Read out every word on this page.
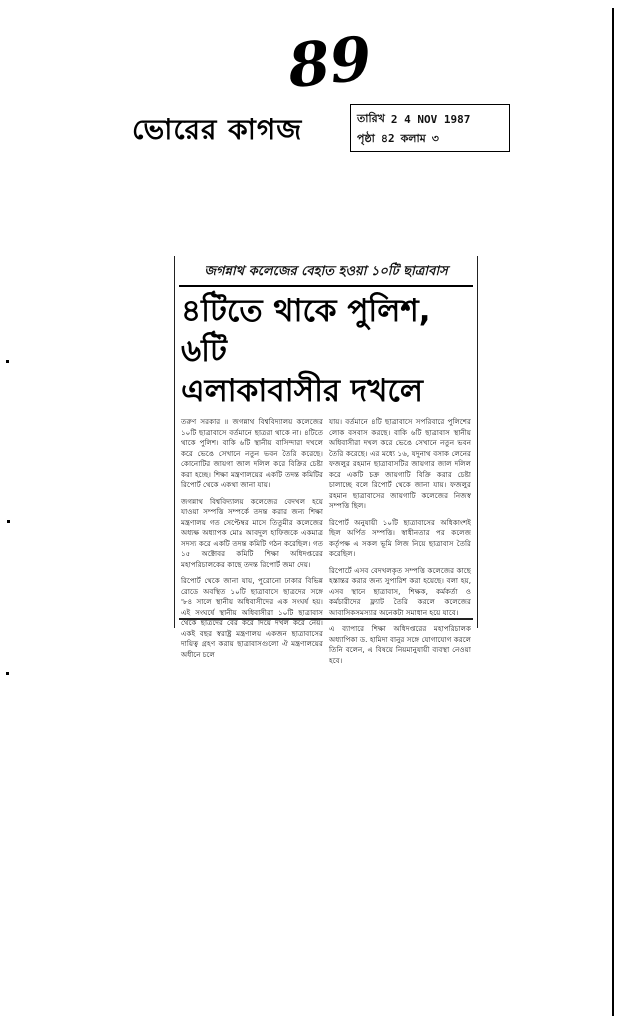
89
ভোরের কাগজ	তারিখ 2 4 NOV 1987
পৃষ্ঠা ৪2 কলাম ৩
জগন্নাথ কলেজের বেহাত হওয়া ১০টি ছাত্রাবাস
৪টিতে থাকে পুলিশ, ৬টি
এলাকাবাসীর দখলে

তরুণ সরকার ॥ জগন্নাথ বিশ্ববিদ্যালয় কলেজের ১০টি ছাত্রাবাসে বর্তমানে ছাত্ররা থাকে না। ৪টিতে থাকে পুলিশ। বাকি ৬টি স্থানীয় বাসিন্দারা দখলে করে ভেঙে সেখানে নতুন ভবন তৈরি করেছে। কোনোটির জায়গা জাল দলিল করে বিক্রির চেষ্টা করা হচ্ছে। শিক্ষা মন্ত্রণালয়ের একটি তদন্ত কমিটির রিপোর্ট থেকে একথা জানা যায়।

জগন্নাথ বিশ্ববিদ্যালয় কলেজের বেদখল হয়ে যাওয়া সম্পত্তি সম্পর্কে তদন্ত করার জন্য শিক্ষা মন্ত্রণালয় গত সেপ্টেম্বর মাসে তিতুমীর কলেজের অধ্যক্ষ অধ্যাপক মোঃ আবদুল হাফিজকে একমাত্র সদস্য করে একটি তদন্ত কমিটি গঠন করেছিল। গত ১৫ অক্টোবর কমিটি শিক্ষা অধিদপ্তরের মহাপরিচালকের কাছে তদন্ত রিপোর্ট জমা দেয়।

রিপোর্ট থেকে জানা যায়, পুরোনো ঢাকার বিভিন্ন রোডে অবস্থিত ১০টি ছাত্রাবাসে ছাত্রদের সঙ্গে '৮৪ সালে স্থানীয় অধিবাসীদের এক সংঘর্ষ হয়। এই সংঘর্ষে স্থানীয় অধিবাসীরা ১০টি ছাত্রাবাস থেকে ছাত্রদের বের করে দিয়ে দখল করে নেয়। একই বছর স্বরাষ্ট্র মন্ত্রণালয় একজন ছাত্রাবাসের দায়িত্ব গ্রহণ করায় ছাত্রাবাসগুলো ঐ মন্ত্রণালয়ের অধীনে চলে

যায়। বর্তমানে ৪টি ছাত্রাবাসে সপরিবারে পুলিশের লোক বসবাস করছে। বাকি ৬টি ছাত্রাবাস স্থানীয় অধিবাসীরা দখল করে ভেঙে সেখানে নতুন ভবন তৈরি করেছে। এর মধ্যে ১৬, যদুনাথ বসাক লেনের ফজলুর রহমান ছাত্রাবাসটির জায়গার জাল দলিল করে একটি চক্র জায়গাটি বিক্রি করার চেষ্টা চালাচ্ছে বলে রিপোর্ট থেকে জানা যায়। ফজলুর রহমান ছাত্রাবাসের জায়গাটি কলেজের নিজস্ব সম্পত্তি ছিল।

রিপোর্ট অনুযায়ী ১০টি ছাত্রাবাসের অধিকাংশই ছিল অর্পিত সম্পত্তি। স্বাধীনতার পর কলেজ কর্তৃপক্ষ এ সকল ভূমি লিজ নিয়ে ছাত্রাবাস তৈরি করেছিল।

রিপোর্টে এসব বেদখলকৃত সম্পত্তি কলেজের কাছে হস্তান্তর করার জন্য সুপারিশ করা হয়েছে। বলা হয়, এসব স্থানে ছাত্রাবাস, শিক্ষক, কর্মকর্তা ও কর্মচারীদের ফ্ল্যাট তৈরি করলে কলেজের আবাসিকসমস্যার অনেকটা সমাধান হয়ে যাবে।

এ ব্যাপারে শিক্ষা অধিদপ্তরের মহাপরিচালক অধ্যাপিকা ড. হামিদা বানুর সঙ্গে যোগাযোগ করলে তিনি বলেন, এ বিষয়ে নিয়মানুযায়ী ব্যবস্থা নেওয়া হবে।
